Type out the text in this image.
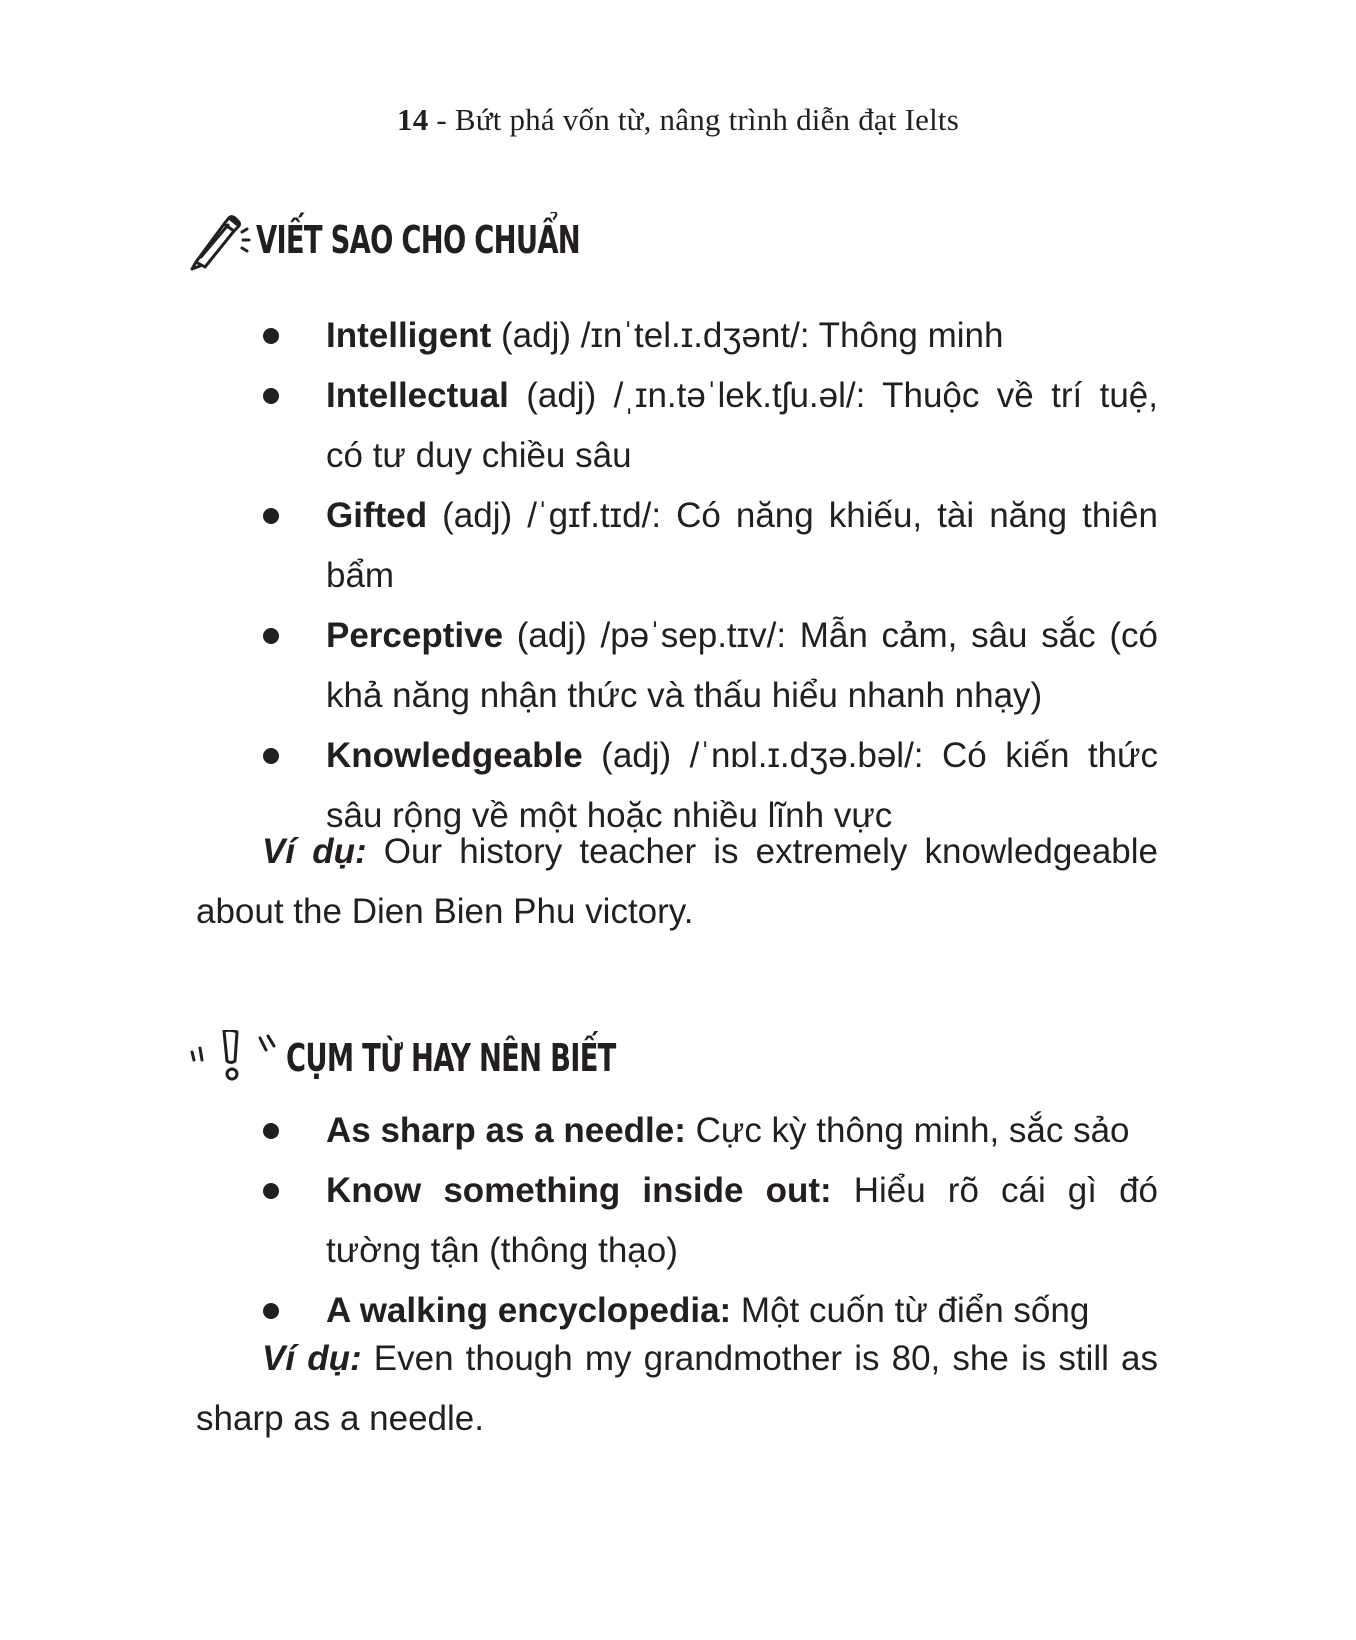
14 - Bứt phá vốn từ, nâng trình diễn đạt Ielts
VIẾT SAO CHO CHUẨN
Intelligent (adj) /ɪnˈtel.ɪ.dʒənt/: Thông minh
Intellectual (adj) /ˌɪn.təˈlek.tʃu.əl/: Thuộc về trí tuệ, có tư duy chiều sâu
Gifted (adj) /ˈɡɪf.tɪd/: Có năng khiếu, tài năng thiên bẩm
Perceptive (adj) /pəˈsep.tɪv/: Mẫn cảm, sâu sắc (có khả năng nhận thức và thấu hiểu nhanh nhạy)
Knowledgeable (adj) /ˈnɒl.ɪ.dʒə.bəl/: Có kiến thức sâu rộng về một hoặc nhiều lĩnh vực

Ví dụ: Our history teacher is extremely knowledgeable about the Dien Bien Phu victory.

CỤM TỪ HAY NÊN BIẾT
As sharp as a needle: Cực kỳ thông minh, sắc sảo
Know something inside out: Hiểu rõ cái gì đó tường tận (thông thạo)
A walking encyclopedia: Một cuốn từ điển sống

Ví dụ: Even though my grandmother is 80, she is still as sharp as a needle.
